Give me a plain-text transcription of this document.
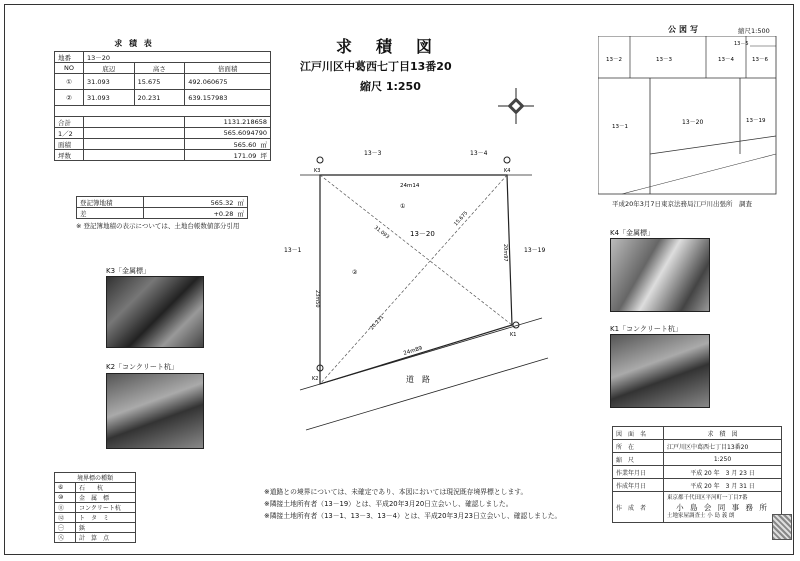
求 積 表
地番	13－20		
NO	底辺	高さ	倍面積
①	31.093	15.675	492.060675
②	31.093	20.231	639.157983

合計			1131.218658
1／2			565.6094790
面積			565.60 ㎡
坪数			171.09 坪
登記簿地積	565.32 ㎡
差	+0.28 ㎡
※ 登記簿地積の表示については、土地台帳数値部分引用
K3「金属標」
K2「コンクリート杭」
境界標の種類	
⑥	石　　杭
⑩	金　属　標
⑪	コンクリート杭
⑫	ト　タ　ミ
㊀	鋲
㊇	計　算　点
求　積　図
江戸川区中葛西七丁目13番20
縮尺 1:250
13－3	13－4
13－1	13－19
13－20
道　路
K3	K4
K1
K2
24m14
24m89
23m50
20m97
31.093
15.675
20.231
①
②
公図写	縮尺1:500
13－2	13－3	13－4
13－5
13－6
13－1
13－20	13－19
平成20年3月7日東京法務局江戸川出張所　調査
K4「金属標」
K1「コンクリート杭」
※道路との境界については、未確定であり、本図においては現況既存境界標とします。
※隣接土地所有者（13－19）とは、平成20年3月20日立会いし、確認しました。
※隣接土地所有者（13－1、13－3、13－4）とは、平成20年3月23日立会いし、確認しました。
図　面　名	求　積　図
所　在	江戸川区中葛西七丁目13番20
縮　尺	1:250
作業年月日	平成 20 年　3 月 23 日
作成年月日	平成 20 年　3 月 31 日
作　成　者	東京都千代田区平河町一丁目7番
小 島 会 同 事 務 所
土地家屋調査士 小 島 義 朗
